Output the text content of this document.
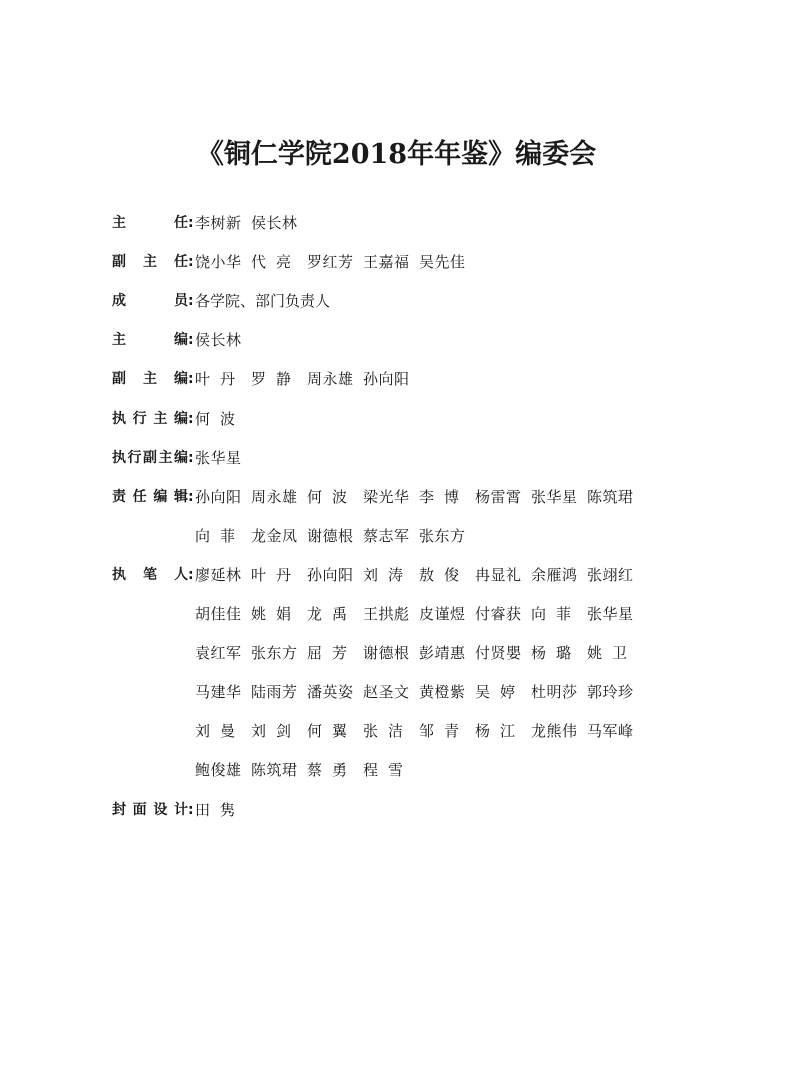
《铜仁学院2018年年鉴》编委会
主任 : 李树新 侯长林
副主任 : 饶小华 代亮 罗红芳 王嘉福 吴先佳
成员 : 各学院、部门负责人
主编 : 侯长林
副主编 : 叶丹 罗静 周永雄 孙向阳
执行主编 : 何波
执行副主编 : 张华星
责任编辑 : 孙向阳 周永雄 何波 梁光华 李博 杨雷霄 张华星 陈筑珺
向菲 龙金凤 谢德根 蔡志军 张东方
执笔人 : 廖延林 叶丹 孙向阳 刘涛 敖俊 冉显礼 余雁鸿 张翊红
胡佳佳 姚娟 龙禹 王拱彪 皮谨煜 付睿获 向菲 张华星
袁红军 张东方 屈芳 谢德根 彭靖惠 付贤嬰 杨璐 姚卫
马建华 陆雨芳 潘英姿 赵圣文 黄橙紫 吴婷 杜明莎 郭玲珍
刘曼 刘剑 何翼 张洁 邹青 杨江 龙熊伟 马军峰
鲍俊雄 陈筑珺 蔡勇 程雪
封面设计 : 田隽
